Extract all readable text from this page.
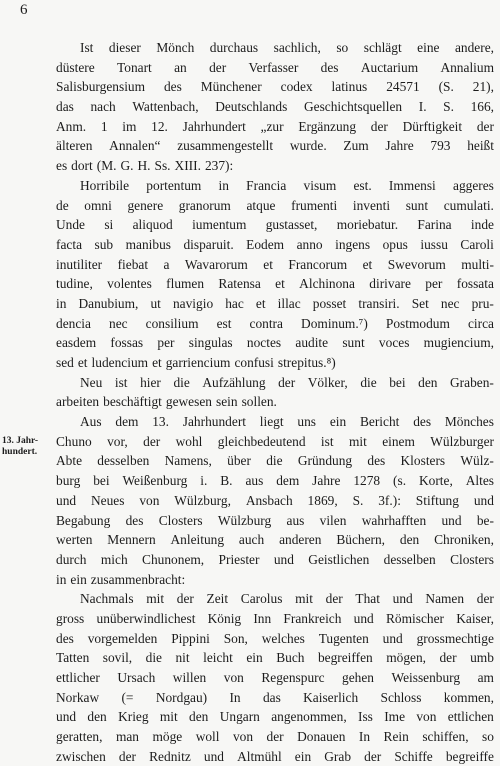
6
13. Jahr-
hundert.
Ist dieser Mönch durchaus sachlich, so schlägt eine andere,
düstere Tonart an der Verfasser des Auctarium Annalium
Salisburgensium des Münchener codex latinus 24571 (S. 21),
das nach Wattenbach, Deutschlands Geschichtsquellen I. S. 166,
Anm. 1 im 12. Jahrhundert „zur Ergänzung der Dürftigkeit der
älteren Annalen“ zusammengestellt wurde. Zum Jahre 793 heißt
es dort (M. G. H. Ss. XIII. 237):
Horribile portentum in Francia visum est. Immensi aggeres
de omni genere granorum atque frumenti inventi sunt cumulati.
Unde si aliquod iumentum gustasset, moriebatur. Farina inde
facta sub manibus disparuit. Eodem anno ingens opus iussu Caroli
inutiliter fiebat a Wavarorum et Francorum et Swevorum multi-
tudine, volentes flumen Ratensa et Alchinona dirivare per fossata
in Danubium, ut navigio hac et illac posset transiri. Set nec pru-
dencia nec consilium est contra Dominum.⁷) Postmodum circa
easdem fossas per singulas noctes audite sunt voces mugiencium,
sed et ludencium et garriencium confusi strepitus.⁸)
Neu ist hier die Aufzählung der Völker, die bei den Graben-
arbeiten beschäftigt gewesen sein sollen.
Aus dem 13. Jahrhundert liegt uns ein Bericht des Mönches
Chuno vor, der wohl gleichbedeutend ist mit einem Wülzburger
Abte desselben Namens, über die Gründung des Klosters Wülz-
burg bei Weißenburg i. B. aus dem Jahre 1278 (s. Korte, Altes
und Neues von Wülzburg, Ansbach 1869, S. 3f.): Stiftung und
Begabung des Closters Wülzburg aus vilen wahrhafften und be-
werten Mennern Anleitung auch anderen Büchern, den Chroniken,
durch mich Chunonem, Priester und Geistlichen desselben Closters
in ein zusammenbracht:
Nachmals mit der Zeit Carolus mit der That und Namen der
gross unüberwindlichest König Inn Frankreich und Römischer Kaiser,
des vorgemelden Pippini Son, welches Tugenten und grossmechtige
Tatten sovil, die nit leicht ein Buch begreiffen mögen, der umb
ettlicher Ursach willen von Regenspurc gehen Weissenburg am
Norkaw (= Nordgau) In das Kaiserlich Schloss kommen,
und den Krieg mit den Ungarn angenommen, Iss Ime von ettlichen
geratten, man möge woll von der Donauen In Rein schiffen, so
zwischen der Rednitz und Altmühl ein Grab der Schiffe begreiffe
